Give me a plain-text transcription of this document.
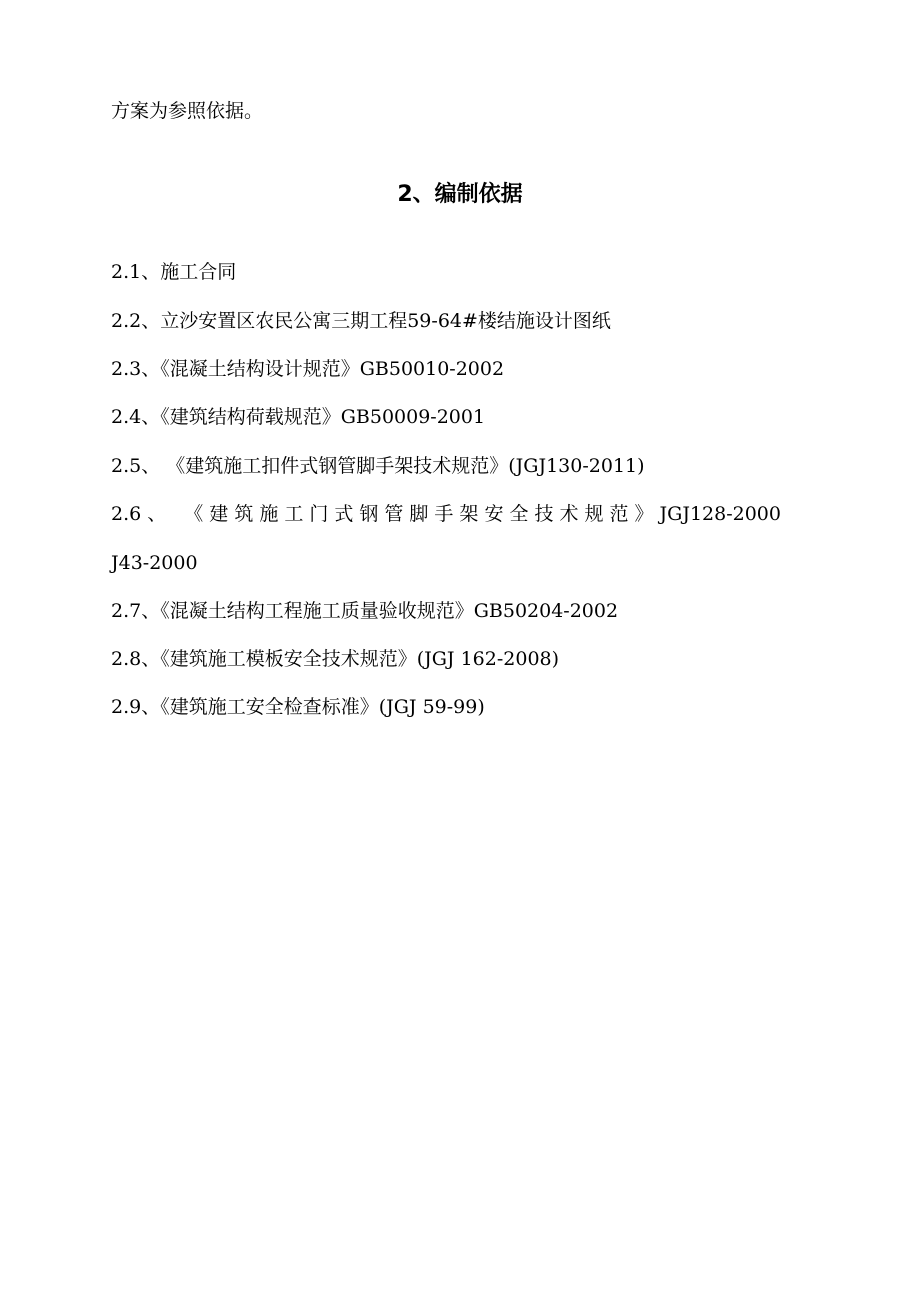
方案为参照依据。
2、编制依据
2.1、施工合同
2.2、立沙安置区农民公寓三期工程59-64#楼结施设计图纸
2.3、《混凝土结构设计规范》GB50010-2002
2.4、《建筑结构荷载规范》GB50009-2001
2.5、 《建筑施工扣件式钢管脚手架技术规范》(JGJ130-2011)
2.6、 《建筑施工门式钢管脚手架安全技术规范》JGJ128-2000
J43-2000
2.7、《混凝土结构工程施工质量验收规范》GB50204-2002
2.8、《建筑施工模板安全技术规范》(JGJ 162-2008)
2.9、《建筑施工安全检查标准》(JGJ 59-99)
